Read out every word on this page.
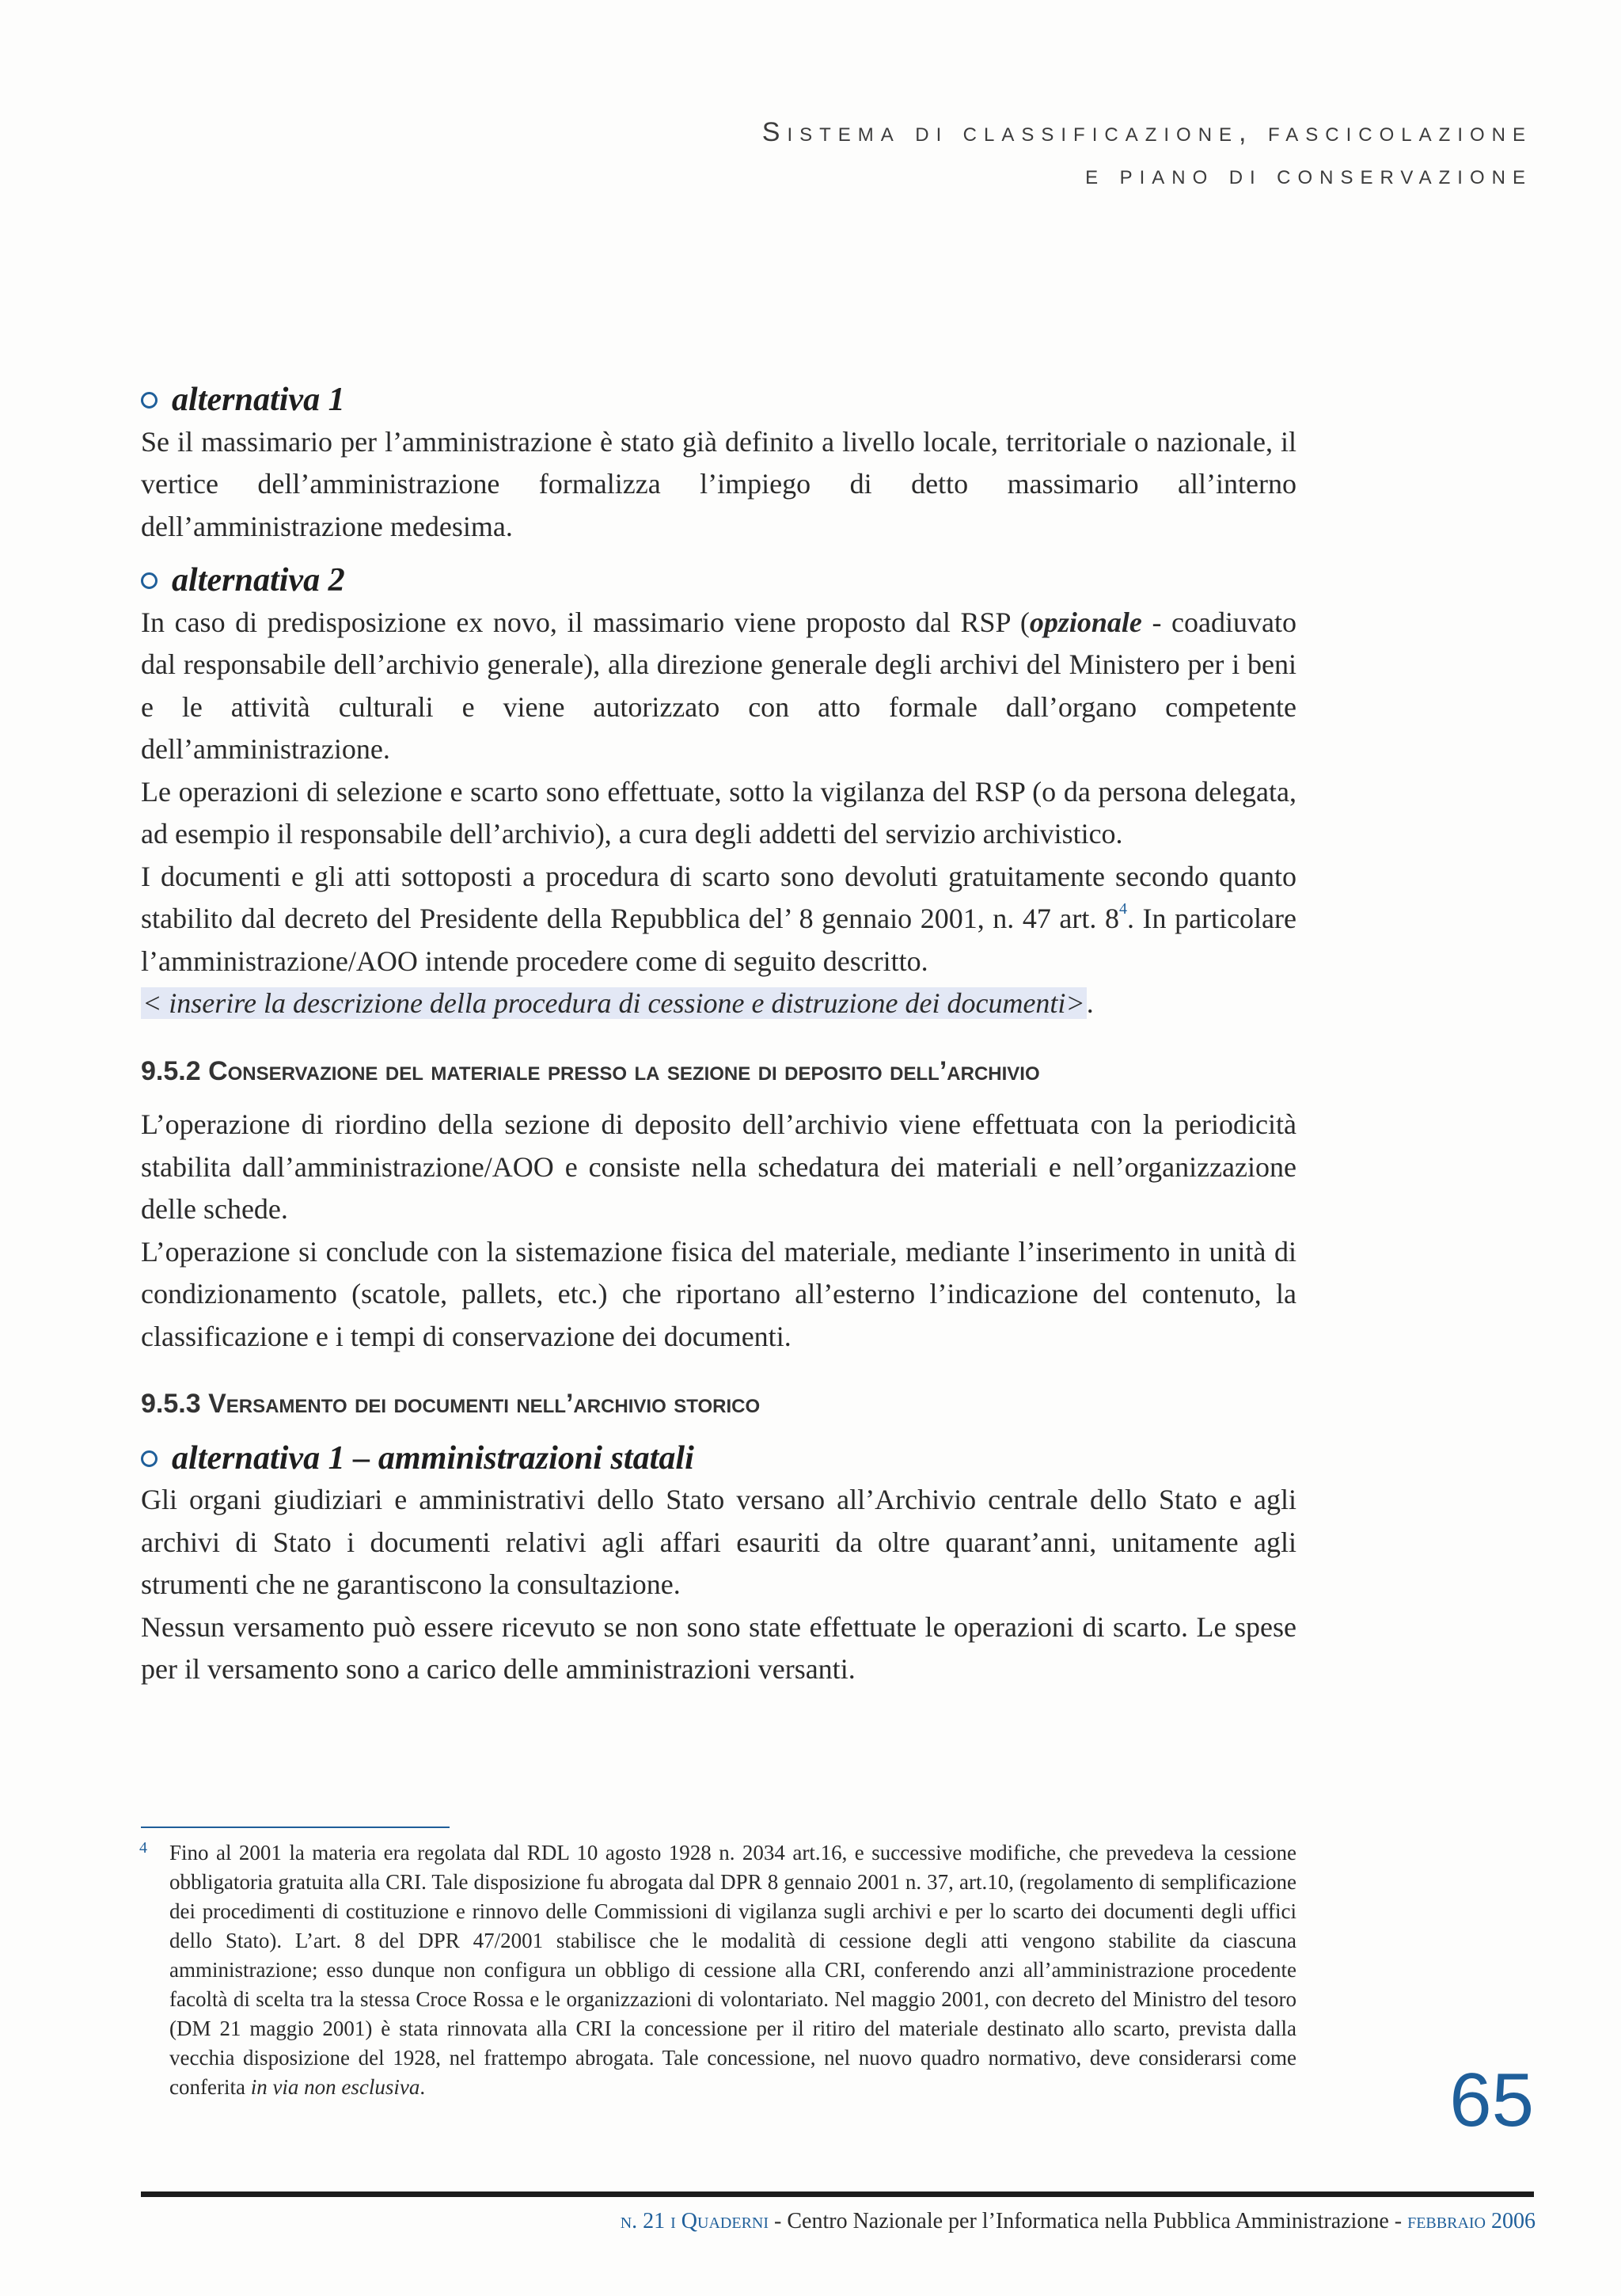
Sistema di classificazione, fascicolazione
e piano di conservazione
alternativa 1

Se il massimario per l’amministrazione è stato già definito a livello locale, territoriale o nazionale, il vertice dell’amministrazione formalizza l’impiego di detto massimario all’interno dell’amministrazione medesima.

alternativa 2

In caso di predisposizione ex novo, il massimario viene proposto dal RSP (opzionale - coadiuvato dal responsabile dell’archivio generale), alla direzione generale degli archivi del Ministero per i beni e le attività culturali e viene autorizzato con atto formale dall’organo competente dell’amministrazione.

Le operazioni di selezione e scarto sono effettuate, sotto la vigilanza del RSP (o da persona delegata, ad esempio il responsabile dell’archivio), a cura degli addetti del servizio archivistico.

I documenti e gli atti sottoposti a procedura di scarto sono devoluti gratuitamente secondo quanto stabilito dal decreto del Presidente della Repubblica del’ 8 gennaio 2001, n. 47 art. $8^4$. In particolare l’amministrazione/AOO intende procedere come di seguito descritto.

< inserire la descrizione della procedura di cessione e distruzione dei documenti>.

9.5.2 Conservazione del materiale presso la sezione di deposito dell’archivio

L’operazione di riordino della sezione di deposito dell’archivio viene effettuata con la periodicità stabilita dall’amministrazione/AOO e consiste nella schedatura dei materiali e nell’organizzazione delle schede.

L’operazione si conclude con la sistemazione fisica del materiale, mediante l’inserimento in unità di condizionamento (scatole, pallets, etc.) che riportano all’esterno l’indicazione del contenuto, la classificazione e i tempi di conservazione dei documenti.

9.5.3 Versamento dei documenti nell’archivio storico
alternativa 1 – amministrazioni statali

Gli organi giudiziari e amministrativi dello Stato versano all’Archivio centrale dello Stato e agli archivi di Stato i documenti relativi agli affari esauriti da oltre quarant’anni, unitamente agli strumenti che ne garantiscono la consultazione.

Nessun versamento può essere ricevuto se non sono state effettuate le operazioni di scarto. Le spese per il versamento sono a carico delle amministrazioni versanti.

4	Fino al 2001 la materia era regolata dal RDL 10 agosto 1928 n. 2034 art.16, e successive modifiche, che prevedeva la cessione obbligatoria gratuita alla CRI. Tale disposizione fu abrogata dal DPR 8 gennaio 2001 n. 37, art.10, (regolamento di semplificazione dei procedimenti di costituzione e rinnovo delle Commissioni di vigilanza sugli archivi e per lo scarto dei documenti degli uffici dello Stato). L’art. 8 del DPR 47/2001 stabilisce che le modalità di cessione degli atti vengono stabilite da ciascuna amministrazione; esso dunque non configura un obbligo di cessione alla CRI, conferendo anzi all’amministrazione procedente facoltà di scelta tra la stessa Croce Rossa e le organizzazioni di volontariato. Nel maggio 2001, con decreto del Ministro del tesoro (DM 21 maggio 2001) è stata rinnovata alla CRI la concessione per il ritiro del materiale destinato allo scarto, prevista dalla vecchia disposizione del 1928, nel frattempo abrogata. Tale concessione, nel nuovo quadro normativo, deve considerarsi come conferita in via non esclusiva.	65
n. 21 i Quaderni - Centro Nazionale per l’Informatica nella Pubblica Amministrazione - febbraio 2006
